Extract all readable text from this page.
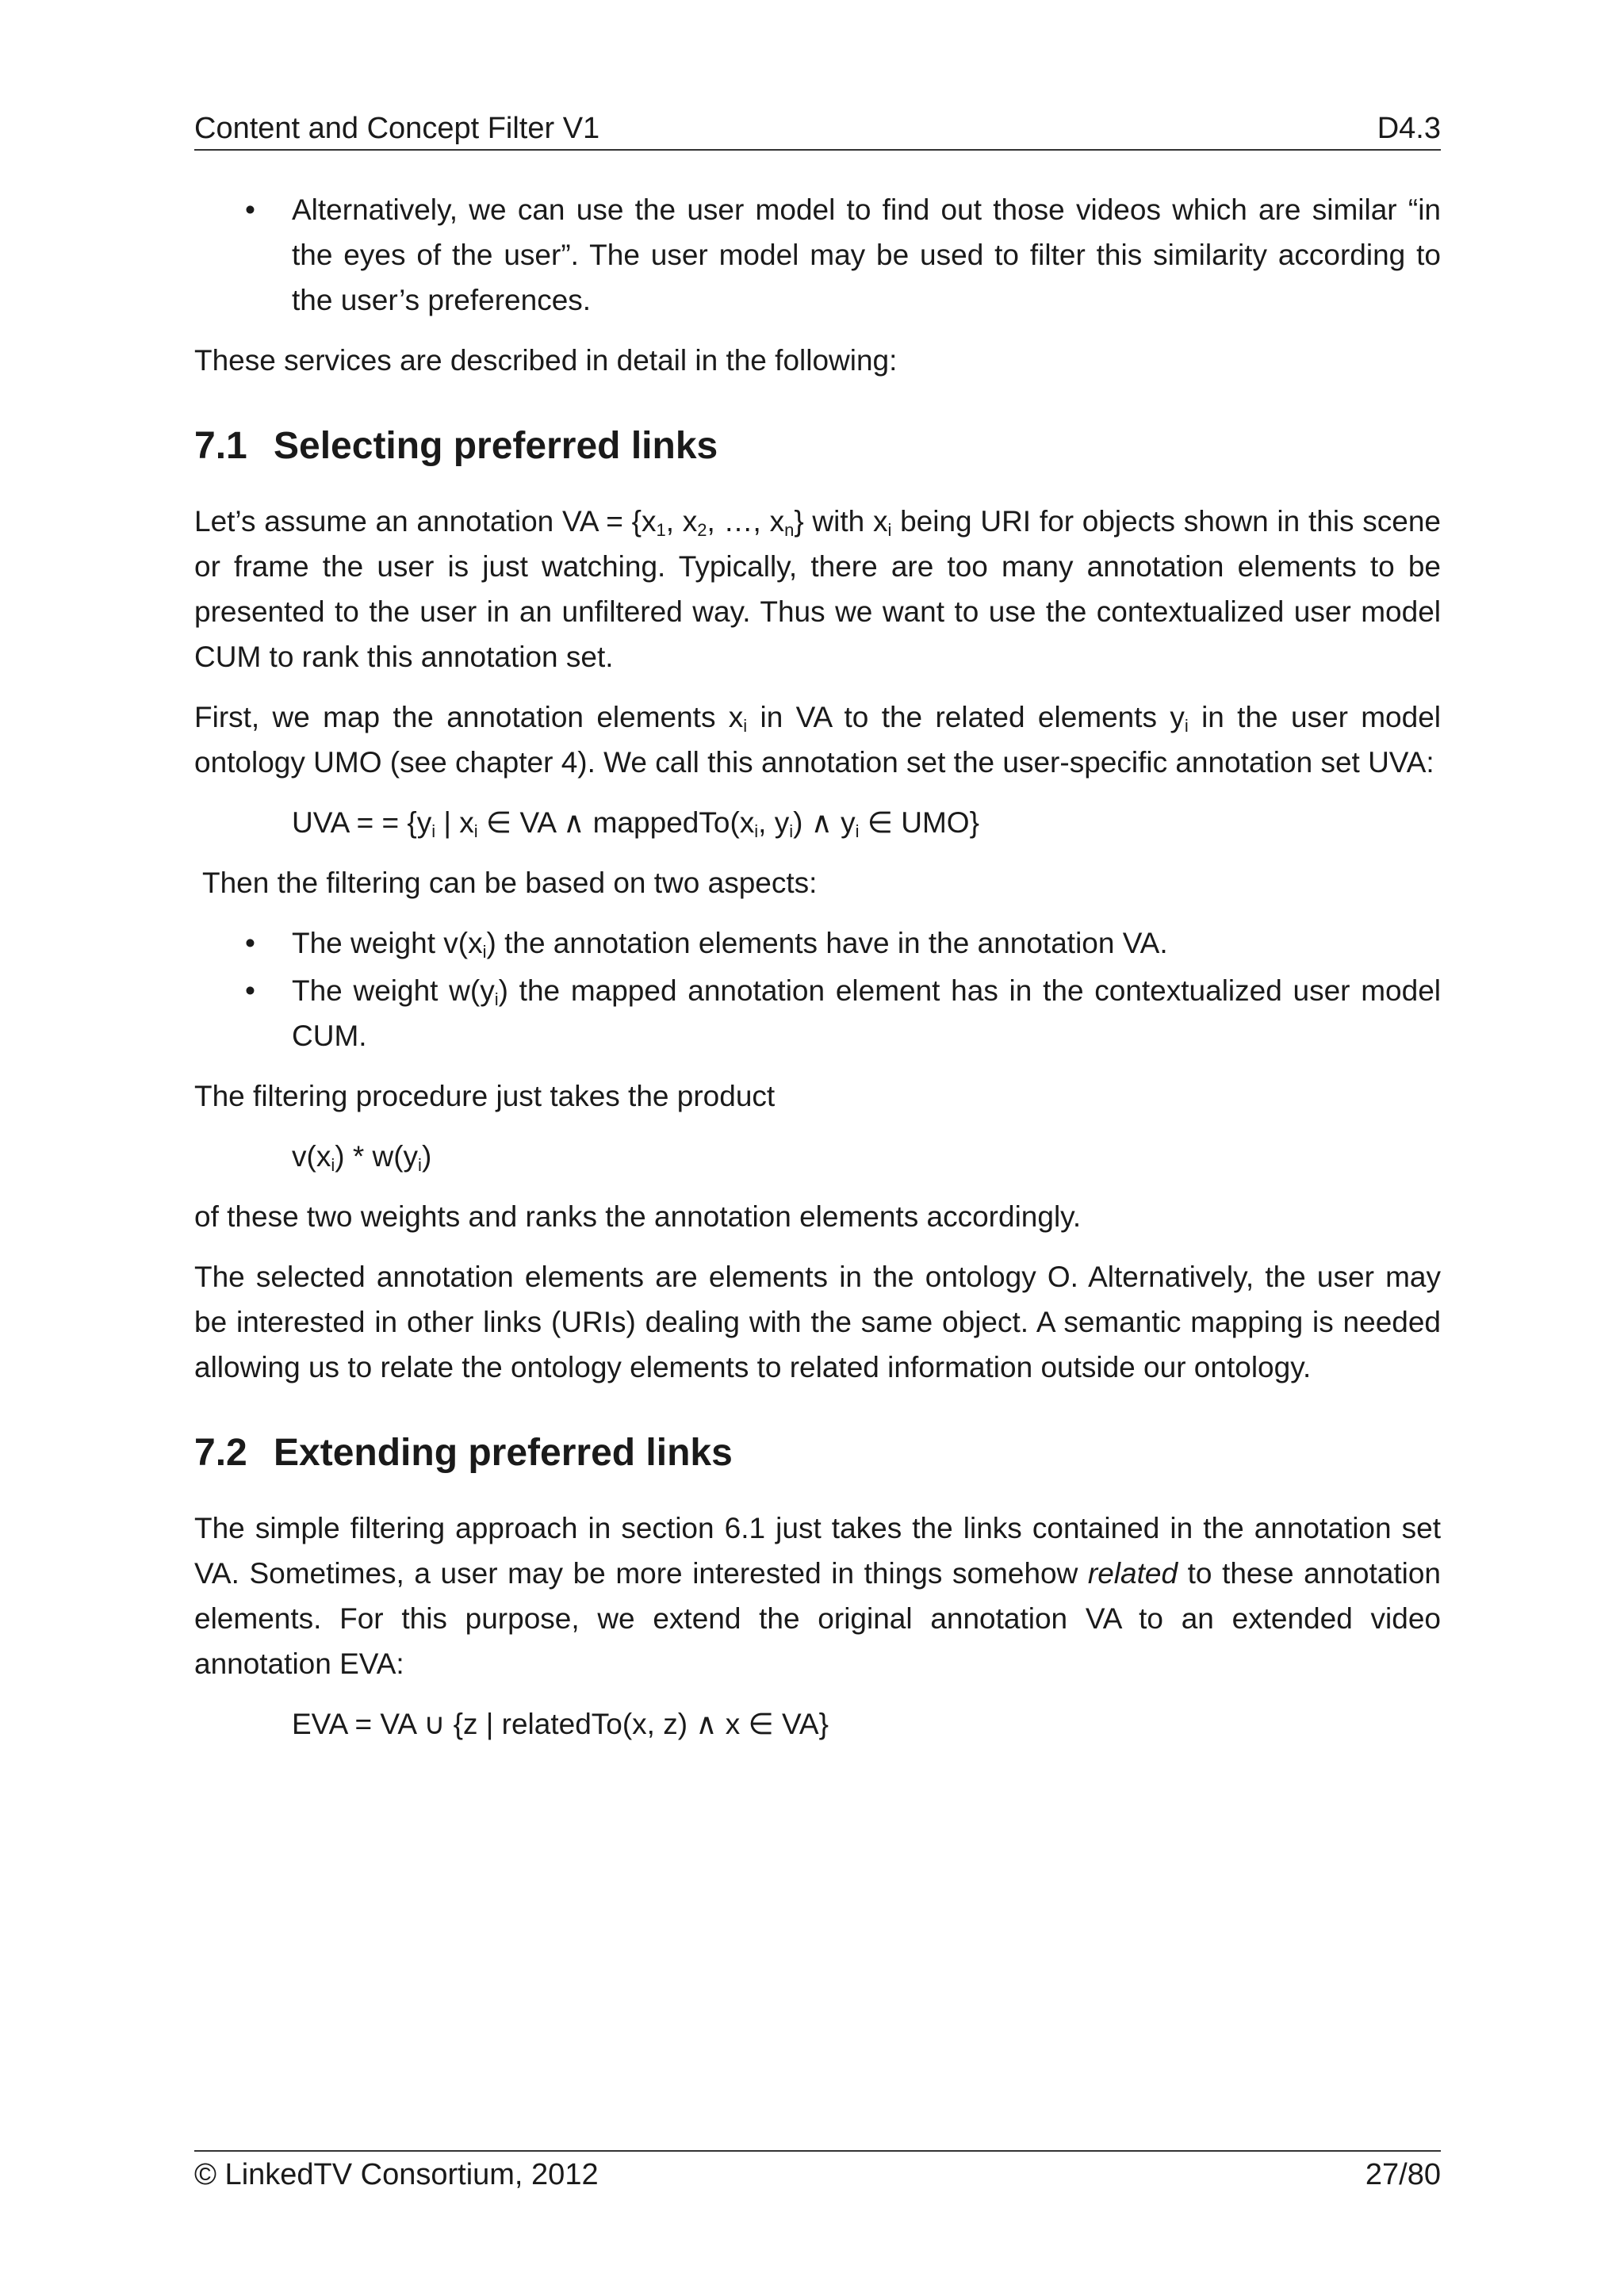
Content and Concept Filter V1	D4.3
• Alternatively, we can use the user model to find out those videos which are similar “in the eyes of the user”. The user model may be used to filter this similarity according to the user’s preferences.

These services are described in detail in the following:

7.1 Selecting preferred links

Let’s assume an annotation VA = {$x_1$, $x_2$, …, $x_n$} with $x_i$ being URI for objects shown in this scene or frame the user is just watching. Typically, there are too many annotation elements to be presented to the user in an unfiltered way. Thus we want to use the contextualized user model CUM to rank this annotation set.

First, we map the annotation elements $x_i$ in VA to the related elements $y_i$ in the user model ontology UMO (see chapter 4). We call this annotation set the user-specific annotation set UVA:

UVA = = {$y_i$ | $x_i$ ∈ VA ∧ $mappedTo(x_i$, $y_i$) ∧ $y_i$ ∈ UMO}

Then the filtering can be based on two aspects:

• The weight $v(x_i)$ the annotation elements have in the annotation VA.
• The weight $w(y_i)$ the mapped annotation element has in the contextualized user model CUM.

The filtering procedure just takes the product

$v(x_i) * w(y_i)$

of these two weights and ranks the annotation elements accordingly.

The selected annotation elements are elements in the ontology O. Alternatively, the user may be interested in other links (URIs) dealing with the same object. A semantic mapping is needed allowing us to relate the ontology elements to related information outside our ontology.

7.2 Extending preferred links

The simple filtering approach in section 6.1 just takes the links contained in the annotation set VA. Sometimes, a user may be more interested in things somehow related to these annotation elements. For this purpose, we extend the original annotation VA to an extended video annotation EVA:

EVA = VA ∪ {z | relatedTo(x, z) ∧ x ∈ VA}

© LinkedTV Consortium, 2012	27/80
